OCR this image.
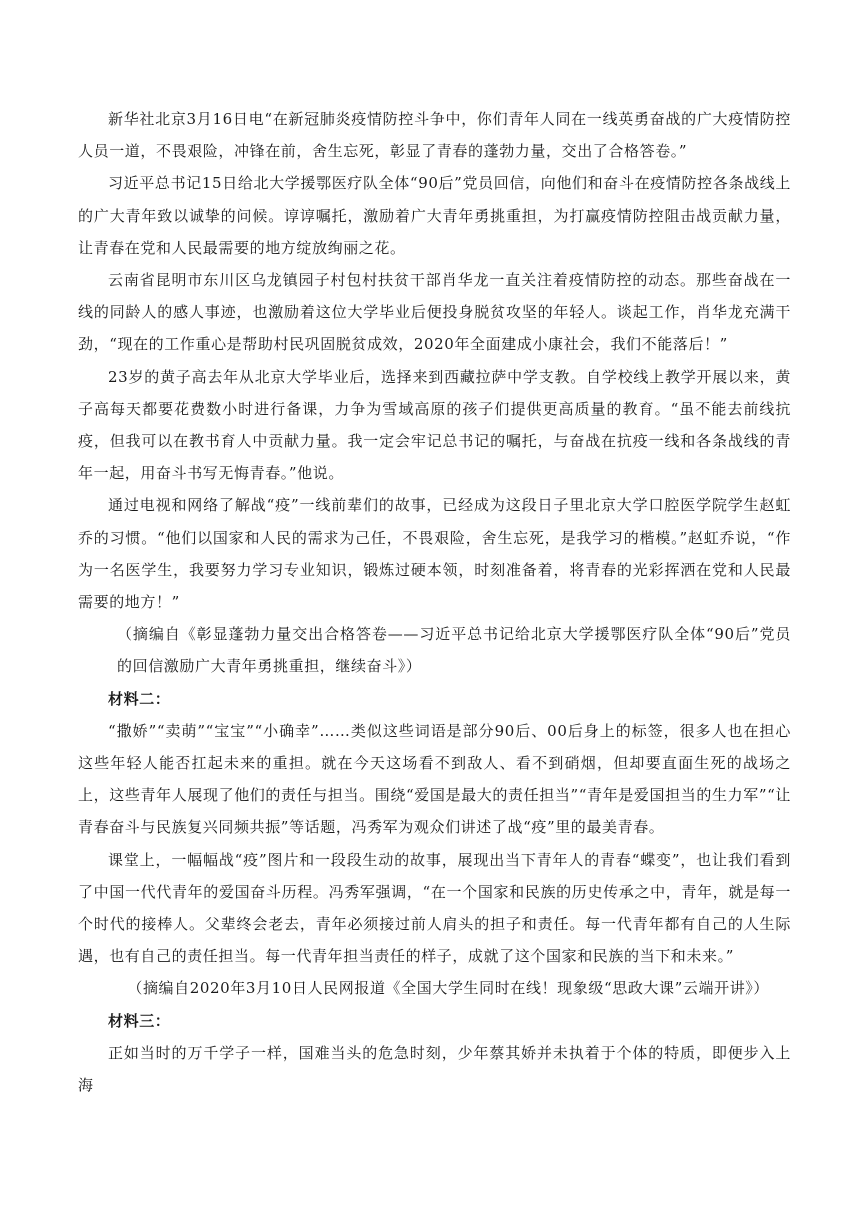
新华社北京3月16日电“在新冠肺炎疫情防控斗争中，你们青年人同在一线英勇奋战的广大疫情防控人员一道，不畏艰险，冲锋在前，舍生忘死，彰显了青春的蓬勃力量，交出了合格答卷。”

习近平总书记15日给北大学援鄂医疗队全体“90后”党员回信，向他们和奋斗在疫情防控各条战线上的广大青年致以诚挚的问候。谆谆嘱托，激励着广大青年勇挑重担，为打赢疫情防控阻击战贡献力量，让青春在党和人民最需要的地方绽放绚丽之花。

云南省昆明市东川区乌龙镇园子村包村扶贫干部肖华龙一直关注着疫情防控的动态。那些奋战在一线的同龄人的感人事迹，也激励着这位大学毕业后便投身脱贫攻坚的年轻人。谈起工作，肖华龙充满干劲，“现在的工作重心是帮助村民巩固脱贫成效，2020年全面建成小康社会，我们不能落后！”

23岁的黄子高去年从北京大学毕业后，选择来到西藏拉萨中学支教。自学校线上教学开展以来，黄子高每天都要花费数小时进行备课，力争为雪域高原的孩子们提供更高质量的教育。“虽不能去前线抗疫，但我可以在教书育人中贡献力量。我一定会牢记总书记的嘱托，与奋战在抗疫一线和各条战线的青年一起，用奋斗书写无悔青春。”他说。

通过电视和网络了解战“疫”一线前辈们的故事，已经成为这段日子里北京大学口腔医学院学生赵虹乔的习惯。“他们以国家和人民的需求为己任，不畏艰险，舍生忘死，是我学习的楷模。”赵虹乔说，“作为一名医学生，我要努力学习专业知识，锻炼过硬本领，时刻准备着，将青春的光彩挥洒在党和人民最需要的地方！”

（摘编自《彰显蓬勃力量交出合格答卷——习近平总书记给北京大学援鄂医疗队全体“90后”党员的回信激励广大青年勇挑重担，继续奋斗》）

材料二：

“撒娇”“卖萌”“宝宝”“小确幸”……类似这些词语是部分90后、00后身上的标签，很多人也在担心这些年轻人能否扛起未来的重担。就在今天这场看不到敌人、看不到硝烟，但却要直面生死的战场之上，这些青年人展现了他们的责任与担当。围绕“爱国是最大的责任担当”“青年是爱国担当的生力军”“让青春奋斗与民族复兴同频共振”等话题，冯秀军为观众们讲述了战“疫”里的最美青春。

课堂上，一幅幅战“疫”图片和一段段生动的故事，展现出当下青年人的青春“蝶变”，也让我们看到了中国一代代青年的爱国奋斗历程。冯秀军强调，“在一个国家和民族的历史传承之中，青年，就是每一个时代的接棒人。父辈终会老去，青年必须接过前人肩头的担子和责任。每一代青年都有自己的人生际遇，也有自己的责任担当。每一代青年担当责任的样子，成就了这个国家和民族的当下和未来。”

（摘编自2020年3月10日人民网报道《全国大学生同时在线！现象级“思政大课”云端开讲》）

材料三：

正如当时的万千学子一样，国难当头的危急时刻，少年蔡其娇并未执着于个体的特质，即便步入上海
